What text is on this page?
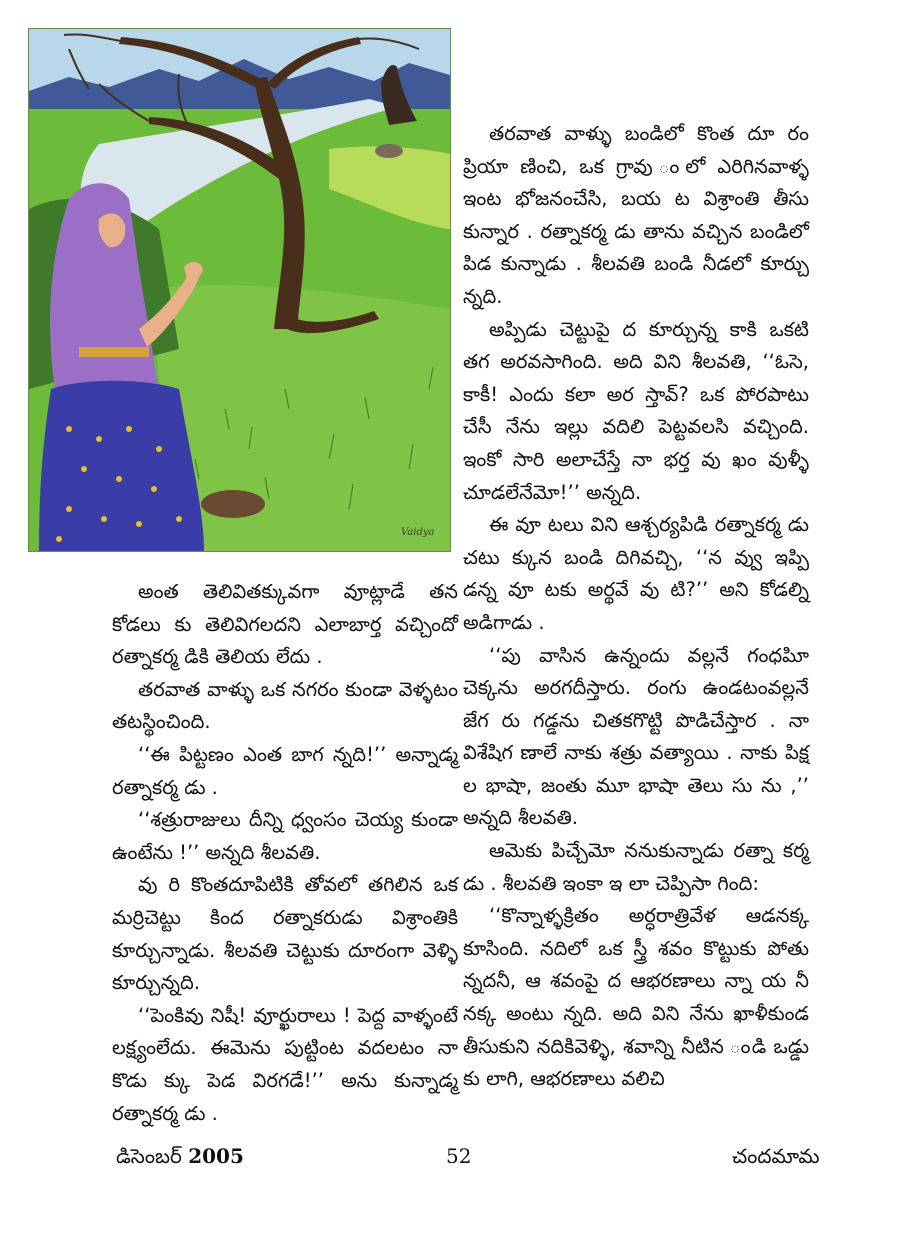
Vaidya

అంత తెలివితక్కువగా వూట్లాడే తన కోడలు కు తెలివిగలదని ఎలాబార్త వచ్చిందో రత్నాకర్మ డికి తెలియ లేదు .

తరవాత వాళ్ళు ఒక నగరం కుండా వెళ్ళటం తటస్థించింది.

‘‘ఈ పిట్టణం ఎంత బాగ న్నది!’’ అన్నాడ్మ రత్నాకర్మ డు .

‘‘శత్రురాజులు దీన్ని ధ్వంసం చెయ్య కుండా ఉంటేను !’’ అన్నది శీలవతి.

వు రి కొంతదూపిటికి తోవలో తగిలిన ఒక మర్రిచెట్టు కింద రత్నాకరుడు విశ్రాంతికి కూర్చున్నాడు. శీలవతి చెట్టుకు దూరంగా వెళ్ళి కూర్చున్నది.

‘‘పెంకివు నిషీ! వూర్ఖురాలు ! పెద్ద వాళ్ళంటే లక్ష్యంలేదు. ఈమెను పుట్టింట వదలటం నా కొడు క్కు పెడ విరగడే!’’ అను కున్నాడ్మ రత్నాకర్మ డు .

తరవాత వాళ్ళు బండిలో కొంత దూ రం ప్రియా ణించి, ఒక గ్రావు ంలో ఎరిగినవాళ్ళ ఇంట భోజనంచేసి, బయ ట విశ్రాంతి తీసు కున్నార . రత్నాకర్మ డు తాను వచ్చిన బండిలో పిడ కున్నాడు . శీలవతి బండి నీడలో కూర్చు న్నది.

అప్పిడు చెట్టుపై ద కూర్చున్న కాకి ఒకటి తగ అరవసాగింది. అది విని శీలవతి, ‘‘ఓసె, కాకీ! ఎందు కలా అర స్తావ్? ఒక పోరపాటు చేసీ నేను ఇల్లు వదిలి పెట్టవలసి వచ్చింది. ఇంకో సారి అలాచేస్తే నా భర్త వు ఖం వుళ్ళీ చూడలేనేమో!’’ అన్నది.

ఈ వూ టలు విని ఆశ్చర్యపిడి రత్నాకర్మ డు చటు క్కున బండి దిగివచ్చి, ‘‘న వ్వు ఇప్పి డన్న వూ టకు అర్థవే వు టి?’’ అని కోడల్ని అడిగాడు .

‘‘పు వాసిన ఉన్నందు వల్లనే గంధపిూ చెక్కను అరగదీస్తారు. రంగు ఉండటంవల్లనే జేగ రు గడ్డను చితకగొట్టి పొడిచేస్తార . నా విశేషిగ ణాలే నాకు శత్రు వత్యాయి . నాకు పిక్ష ల భాషా, జంతు మూ భాషా తెలు సు ను ,’’ అన్నది శీలవతి.

ఆమెకు పిచ్చేమో ననుకున్నాడు రత్నా కర్మ డు . శీలవతి ఇంకా ఇ లా చెప్పిసా గింది:

‘‘కొన్నాళ్ళక్రితం అర్ధరాత్రివేళ ఆడనక్క కూసింది. నదిలో ఒక స్త్రీ శవం కొట్టుకు పోతు న్నదనీ, ఆ శవంపై ద ఆభరణాలు న్నా య నీ నక్క అంటు న్నది. అది విని నేను ఖాళీకుండ తీసుకుని నదికివెళ్ళి, శవాన్ని నీటిన ండి ఒడ్డు కు లాగి, ఆభరణాలు వలిచి

డిసెంబర్ 2005	52	చందమామ
